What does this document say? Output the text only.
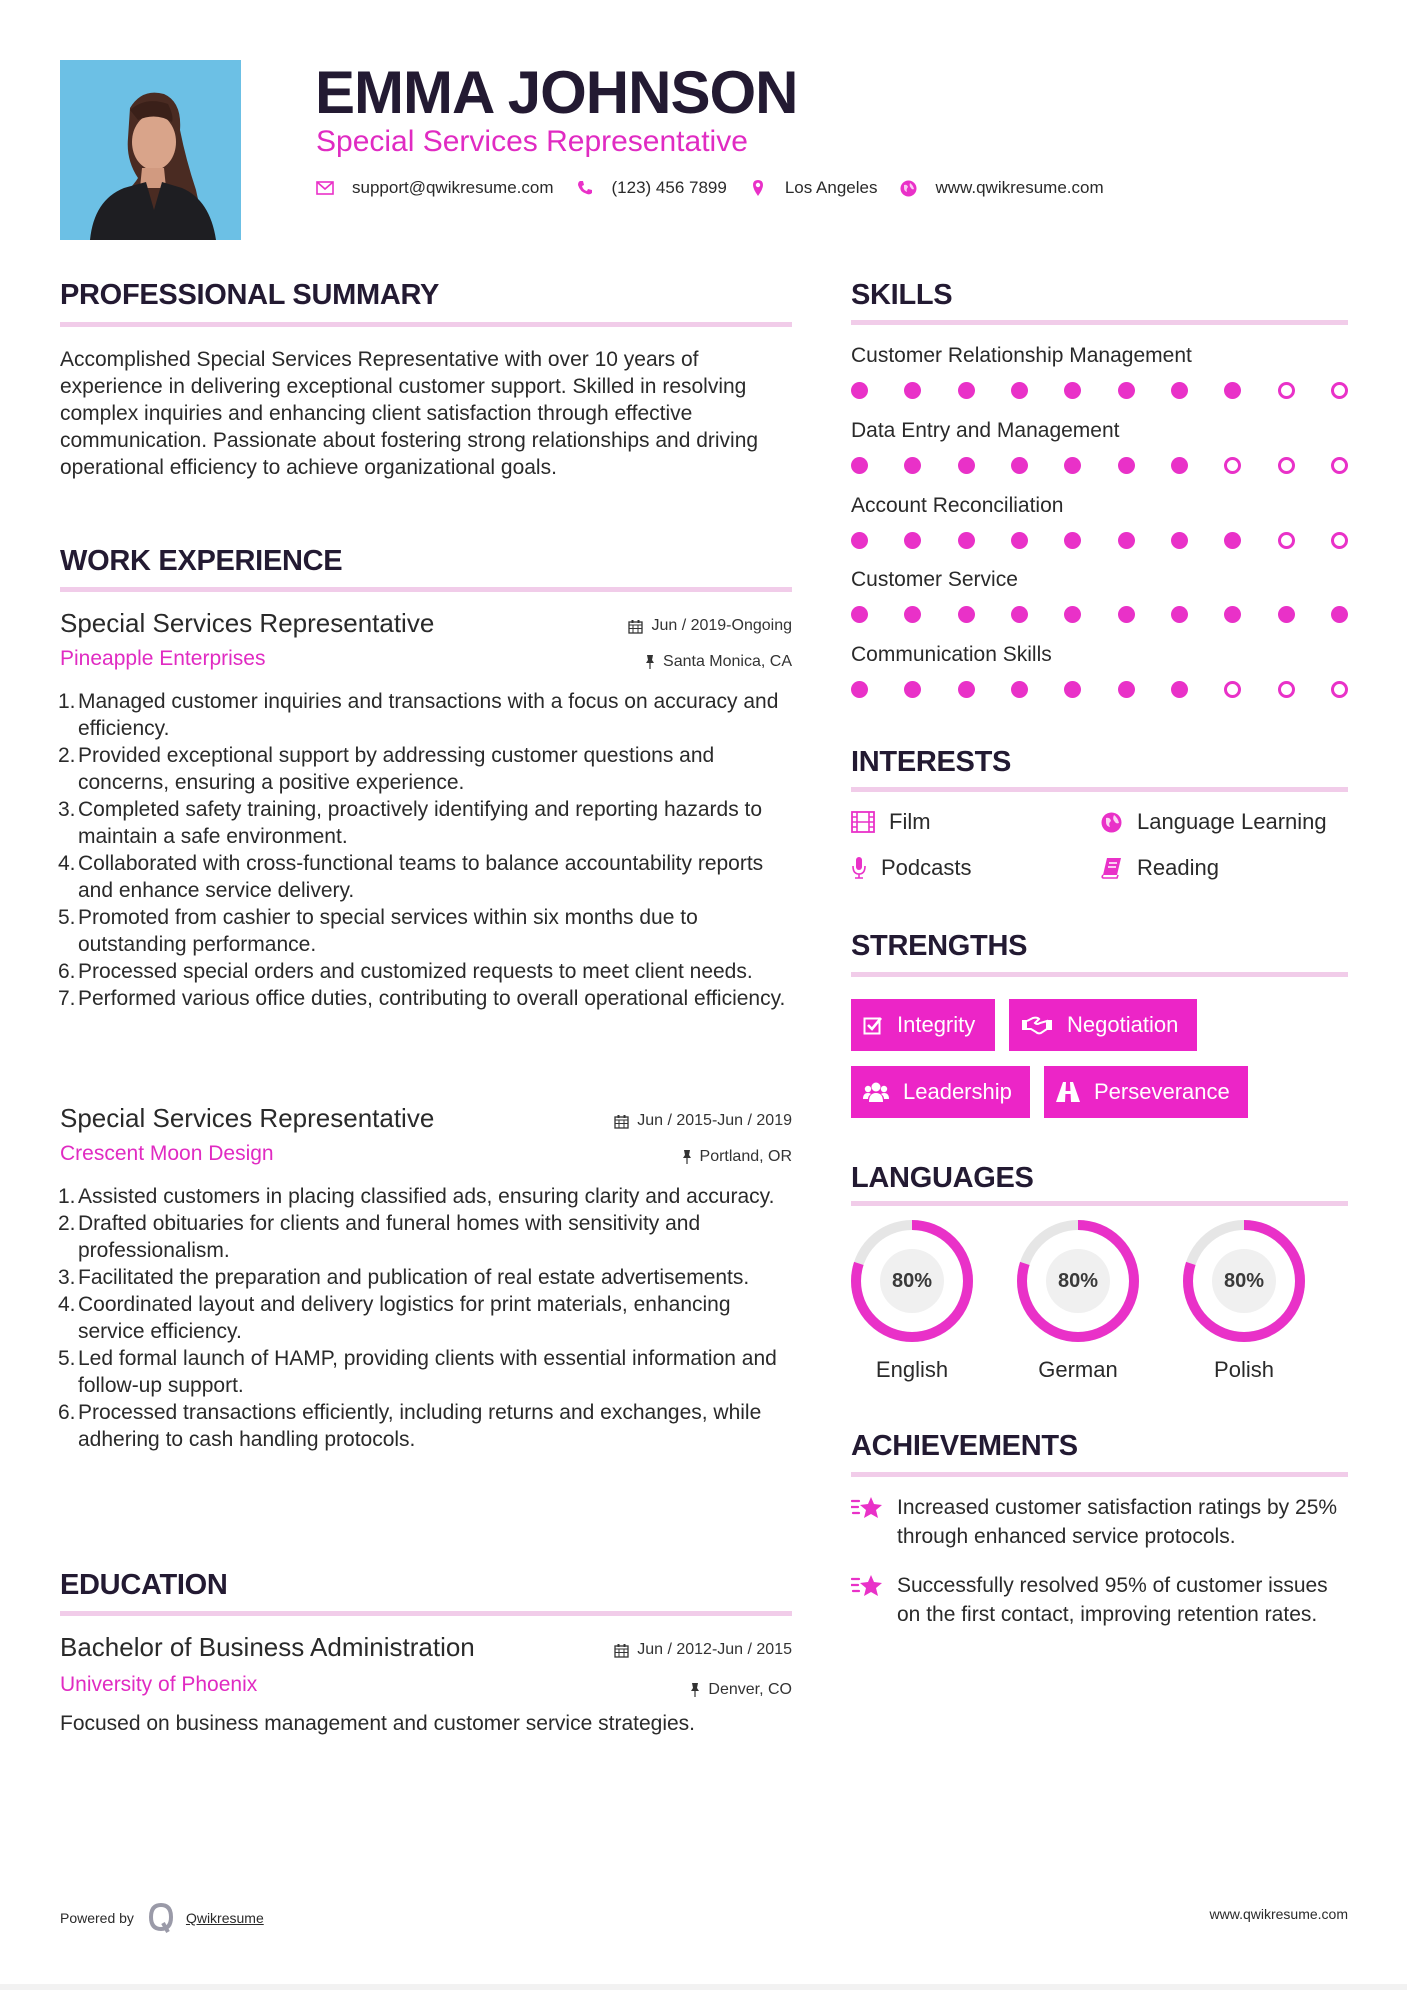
EMMA JOHNSON
Special Services Representative
support@qwikresume.com	(123) 456 7899	Los Angeles	www.qwikresume.com
PROFESSIONAL SUMMARY
Accomplished Special Services Representative with over 10 years of experience in delivering exceptional customer support. Skilled in resolving complex inquiries and enhancing client satisfaction through effective communication. Passionate about fostering strong relationships and driving operational efficiency to achieve organizational goals.
WORK EXPERIENCE
Special Services Representative	Jun / 2019-Ongoing
Pineapple Enterprises	Santa Monica, CA
1. Managed customer inquiries and transactions with a focus on accuracy and efficiency.
2. Provided exceptional support by addressing customer questions and concerns, ensuring a positive experience.
3. Completed safety training, proactively identifying and reporting hazards to maintain a safe environment.
4. Collaborated with cross-functional teams to balance accountability reports and enhance service delivery.
5. Promoted from cashier to special services within six months due to outstanding performance.
6. Processed special orders and customized requests to meet client needs.
7. Performed various office duties, contributing to overall operational efficiency.
Special Services Representative	Jun / 2015-Jun / 2019
Crescent Moon Design	Portland, OR
1. Assisted customers in placing classified ads, ensuring clarity and accuracy.
2. Drafted obituaries for clients and funeral homes with sensitivity and professionalism.
3. Facilitated the preparation and publication of real estate advertisements.
4. Coordinated layout and delivery logistics for print materials, enhancing service efficiency.
5. Led formal launch of HAMP, providing clients with essential information and follow-up support.
6. Processed transactions efficiently, including returns and exchanges, while adhering to cash handling protocols.
EDUCATION
Bachelor of Business Administration	Jun / 2012-Jun / 2015
University of Phoenix	Denver, CO
Focused on business management and customer service strategies.
SKILLS
Customer Relationship Management
Data Entry and Management
Account Reconciliation
Customer Service
Communication Skills
INTERESTS
Film	Language Learning
Podcasts	Reading
STRENGTHS
Integrity	Negotiation
Leadership	Perseverance
LANGUAGES
80%
English
80%
German
80%
Polish
ACHIEVEMENTS
Increased customer satisfaction ratings by 25% through enhanced service protocols.
Successfully resolved 95% of customer issues on the first contact, improving retention rates.
Powered by	Qwikresume	www.qwikresume.com
